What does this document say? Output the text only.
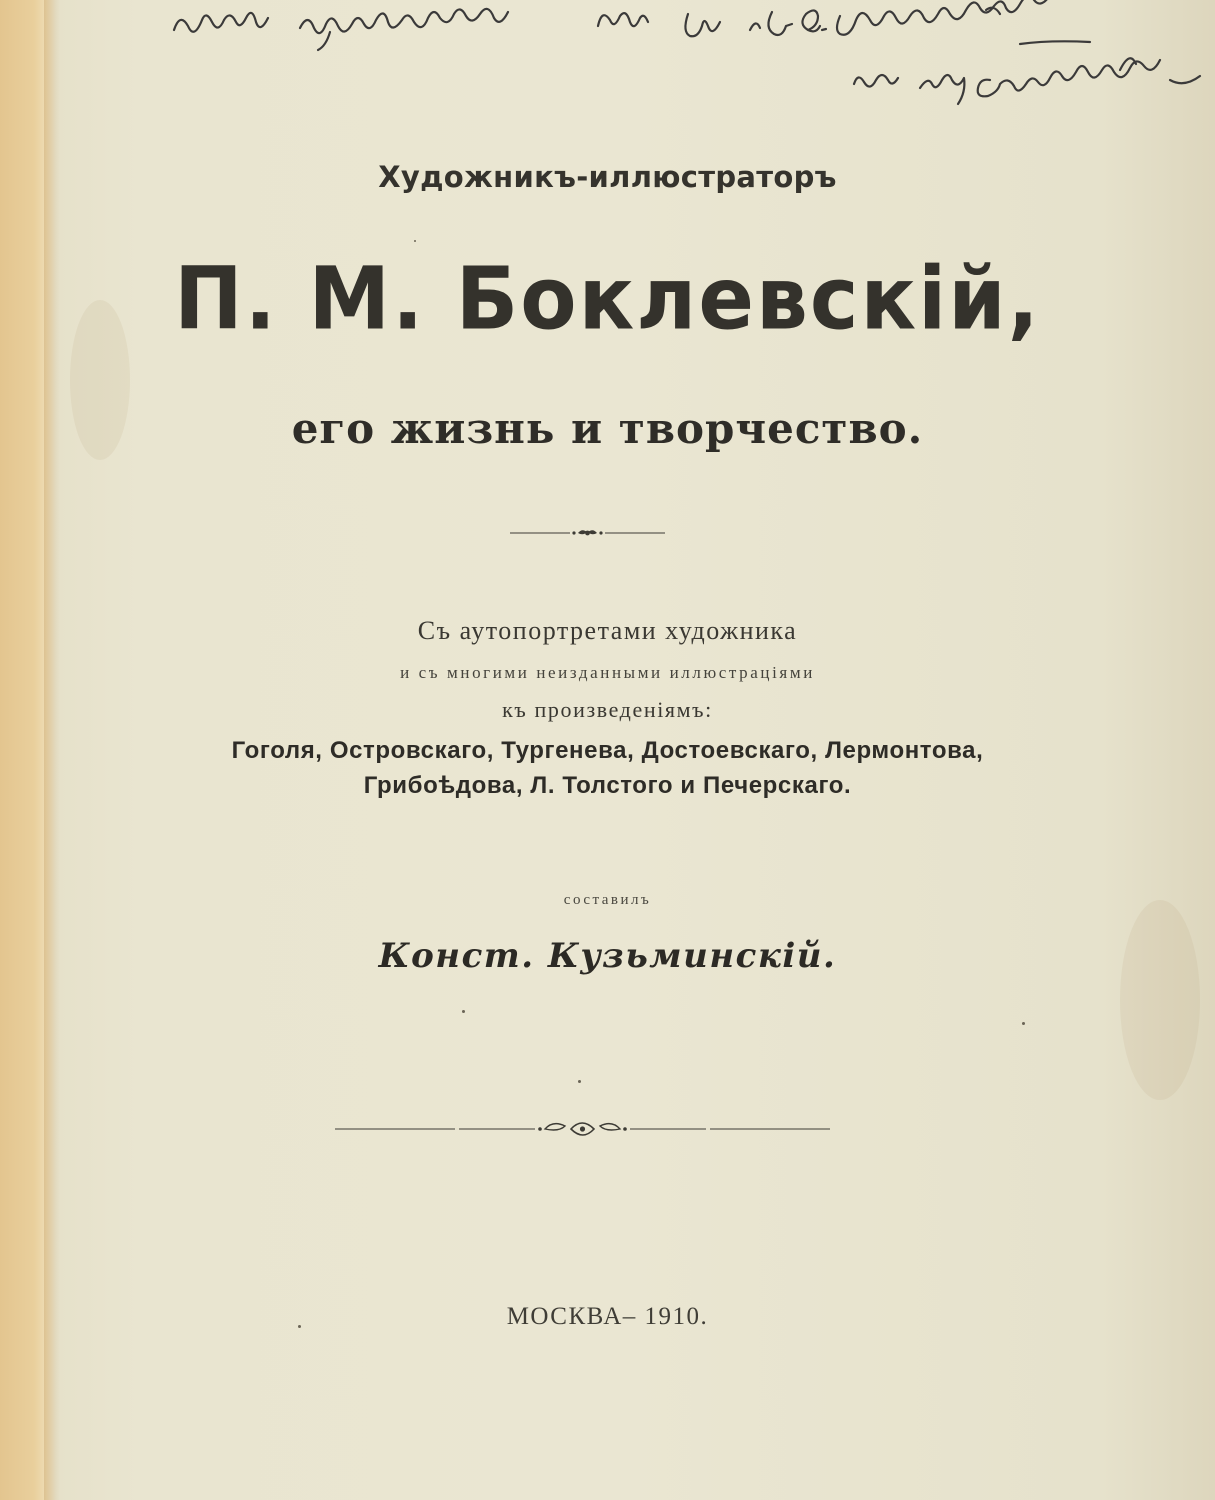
Художникъ-иллюстраторъ
П. М. Боклевскій,
его жизнь и творчество.
Съ аутопортретами художника
и съ многими неизданными иллюстраціями
къ произведеніямъ:
Гоголя, Островскаго, Тургенева, Достоевскаго, Лермонтова,
Грибоѣдова, Л. Толстого и Печерскаго.
составилъ
Конст. Кузьминскій.
МОСКВА– 1910.
